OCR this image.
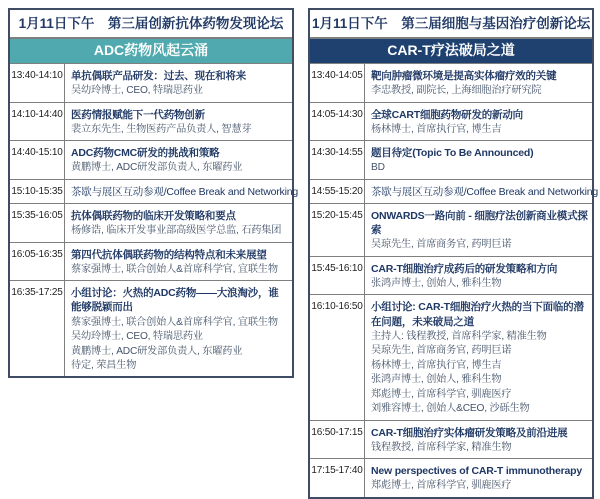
1月11日下午　第三届创新抗体药物发现论坛
ADC药物风起云涌
13:40-14:10 单抗偶联产品研发：过去、现在和将来
吴幼玲博士, CEO, 特瑞思药业
14:10-14:40 医药情报赋能下一代药物创新
裴立东先生, 生物医药产品负责人, 智慧芽
14:40-15:10 ADC药物CMC研发的挑战和策略
黄鹏博士, ADC研发部负责人, 东曜药业
15:10-15:35 茶歇与展区互动参观/Coffee Break and Networking
15:35-16:05 抗体偶联药物的临床开发策略和要点
杨修诰, 临床开发事业部高级医学总监, 石药集团
16:05-16:35 第四代抗体偶联药物的结构特点和未来展望
蔡家强博士, 联合创始人&首席科学官, 宜联生物
16:35-17:25 小组讨论：火热的ADC药物——大浪淘沙，谁能够脱颖而出
蔡家强博士, 联合创始人&首席科学官, 宜联生物
吴幼玲博士, CEO, 特瑞思药业
黄鹏博士, ADC研发部负责人, 东曜药业
待定, 荣昌生物
1月11日下午　第三届细胞与基因治疗创新论坛
CAR-T疗法破局之道
13:40-14:05 靶向肿瘤微环境是提高实体瘤疗效的关键
李忠教授, 副院长, 上海细胞治疗研究院
14:05-14:30 全球CART细胞药物研发的新动向
杨林博士, 首席执行官, 博生吉
14:30-14:55 题目待定(Topic To Be Announced)
BD
14:55-15:20 茶歇与展区互动参观/Coffee Break and Networking
15:20-15:45 ONWARDS一路向前 - 细胞疗法创新商业模式探索
吴琼先生, 首席商务官, 药明巨诺
15:45-16:10 CAR-T细胞治疗成药后的研发策略和方向
张鸿声博士, 创始人, 雅科生物
16:10-16:50 小组讨论: CAR-T细胞治疗火热的当下面临的潜在问题，未来破局之道
主持人: 钱程教授, 首席科学家, 精准生物
吴琼先生, 首席商务官, 药明巨诺
杨林博士, 首席执行官, 博生吉
张鸿声博士, 创始人, 雅科生物
郑彪博士, 首席科学官, 驯鹿医疗
刘雅容博士, 创始人&CEO, 沙砾生物
16:50-17:15 CAR-T细胞治疗实体瘤研发策略及前沿进展
钱程教授, 首席科学家, 精准生物
17:15-17:40 New perspectives of CAR-T immunotherapy
郑彪博士, 首席科学官, 驯鹿医疗
